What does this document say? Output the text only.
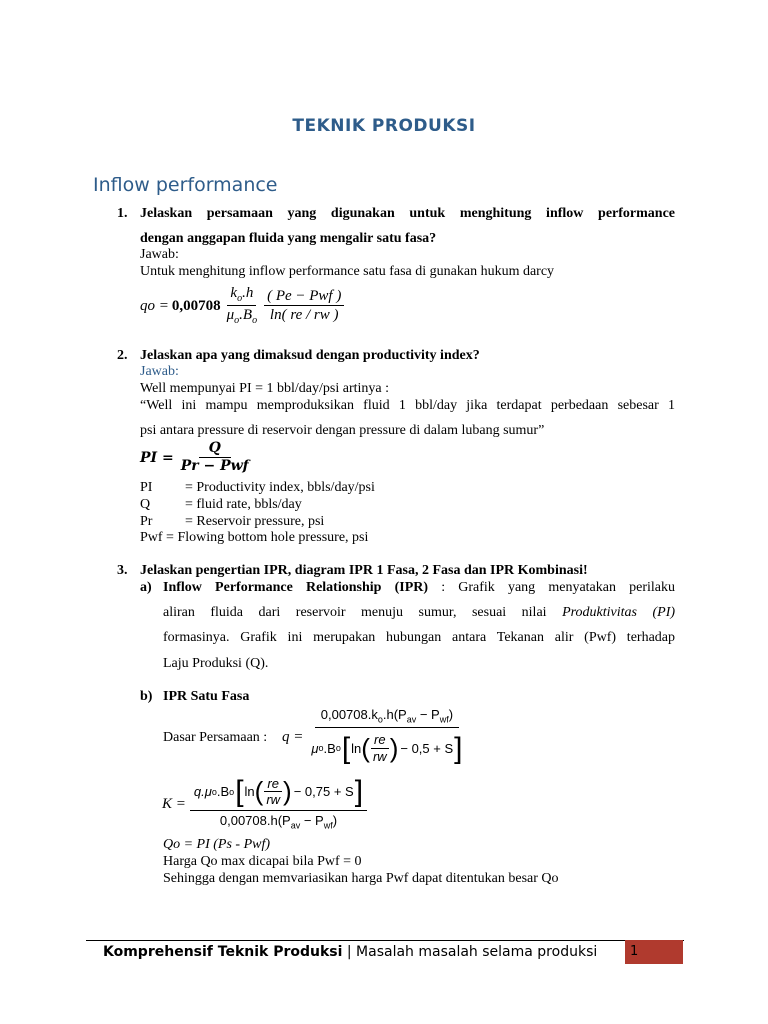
TEKNIK PRODUKSI
Inflow performance
1. Jelaskan persamaan yang digunakan untuk menghitung inflow performance
dengan anggapan fluida yang mengalir satu fasa?
Jawab:
Untuk menghitung inflow performance satu fasa di gunakan hukum darcy
qo = $0,00708 \frac{k_o.h}{\mu_o.B_o} \frac{\text{( Pe − Pwf )}}{\ln( re / rw )}$
2. Jelaskan apa yang dimaksud dengan productivity index?
Jawab:
Well mempunyai PI = 1 bbl/day/psi artinya :
“Well ini mampu memproduksikan fluid 1 bbl/day jika terdapat perbedaan sebesar 1
psi antara pressure di reservoir dengan pressure di dalam lubang sumur”
PI = $\frac{Q}{\text{Pr − Pwf}}$
PI	= Productivity index, bbls/day/psi
Q	= fluid rate, bbls/day
Pr	= Reservoir pressure, psi
Pwf = Flowing bottom hole pressure, psi
3. Jelaskan pengertian IPR, diagram IPR 1 Fasa, 2 Fasa dan IPR Kombinasi!
a) Inflow Performance Relationship (IPR) : Grafik yang menyatakan perilaku
aliran fluida dari reservoir menuju sumur, sesuai nilai Produktivitas (PI)
formasinya. Grafik ini merupakan hubungan antara Tekanan alir (Pwf) terhadap
Laju Produksi (Q).
b) IPR Satu Fasa
Dasar Persamaan : q =
$0,00708.k_o.h(P_{av} - P_{wf})$
μ o .B o [ ln ( $\frac{re}{rw}$ ) − 0,5 + S ]
K =
q.μ o .B o [ ln ( $\frac{re}{rw}$ ) − 0,75 + S ]
$0,00708.h(P_{av} - P_{wf})$
Qo = PI (Ps - Pwf)
Harga Qo max dicapai bila Pwf = 0
Sehingga dengan memvariasikan harga Pwf dapat ditentukan besar Qo
Komprehensif Teknik Produksi | Masalah masalah selama produksi	1
